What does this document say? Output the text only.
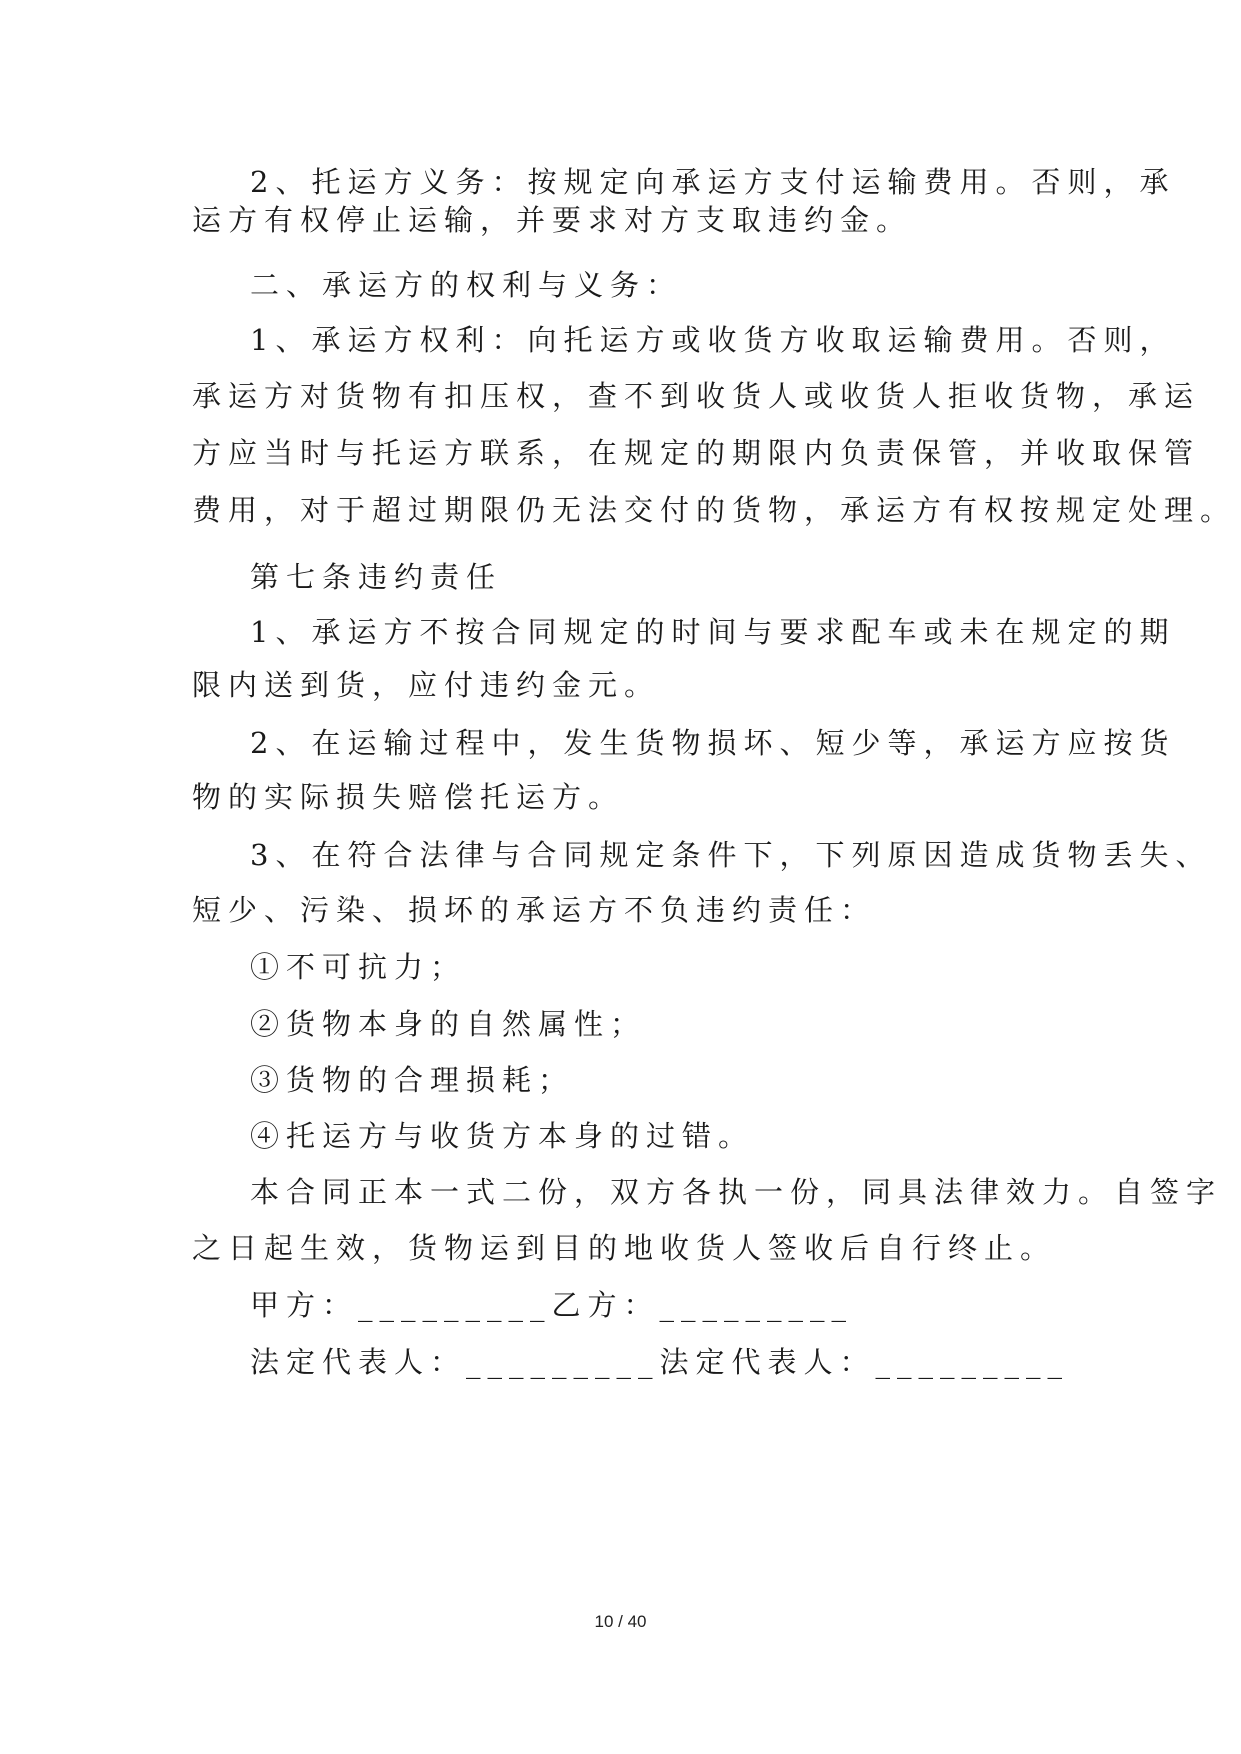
2、托运方义务：按规定向承运方支付运输费用。否则，承
运方有权停止运输，并要求对方支取违约金。
二、承运方的权利与义务：
1、承运方权利：向托运方或收货方收取运输费用。否则，
承运方对货物有扣压权，查不到收货人或收货人拒收货物，承运
方应当时与托运方联系，在规定的期限内负责保管，并收取保管
费用，对于超过期限仍无法交付的货物，承运方有权按规定处理。
第七条违约责任
1、承运方不按合同规定的时间与要求配车或未在规定的期
限内送到货，应付违约金元。
2、在运输过程中，发生货物损坏、短少等，承运方应按货
物的实际损失赔偿托运方。
3、在符合法律与合同规定条件下，下列原因造成货物丢失、
短少、污染、损坏的承运方不负违约责任：
①不可抗力；
②货物本身的自然属性；
③货物的合理损耗；
④托运方与收货方本身的过错。
本合同正本一式二份，双方各执一份，同具法律效力。自签字
之日起生效，货物运到目的地收货人签收后自行终止。
甲方：_________乙方：_________
法定代表人：_________法定代表人：_________
10 / 40
